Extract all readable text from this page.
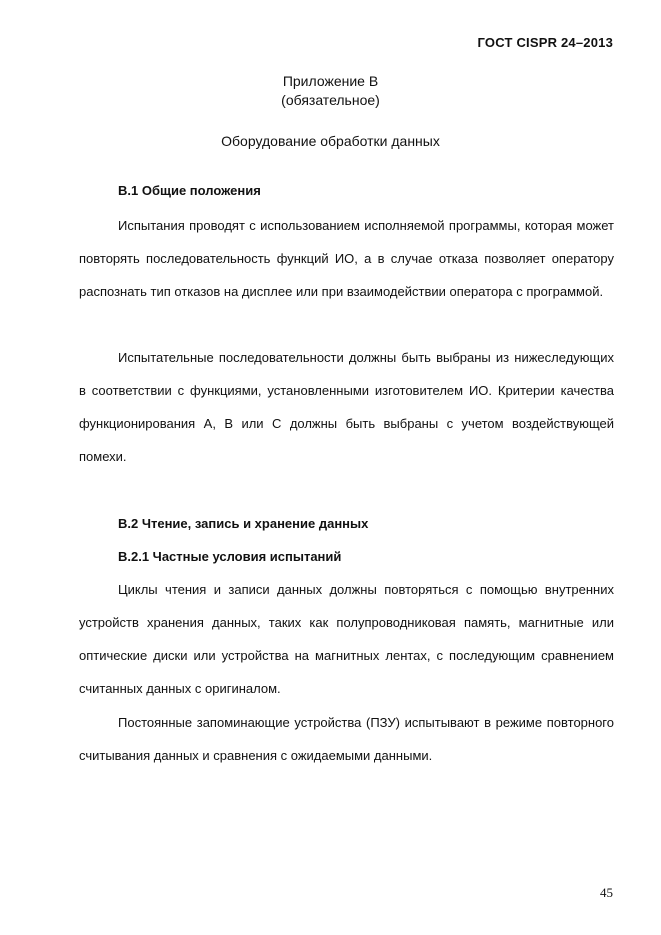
ГОСТ CISPR 24–2013
Приложение В
(обязательное)
Оборудование обработки данных
В.1 Общие положения

Испытания проводят с использованием исполняемой программы, которая может повторять последовательность функций ИО, а в случае отказа позволяет оператору распознать тип отказов на дисплее или при взаимодействии оператора с программой.

Испытательные последовательности должны быть выбраны из нижеследующих в соответствии с функциями, установленными изготовителем ИО. Критерии качества функционирования А, В или С должны быть выбраны с учетом воздействующей помехи.

В.2 Чтение, запись и хранение данных
В.2.1 Частные условия испытаний

Циклы чтения и записи данных должны повторяться с помощью внутренних устройств хранения данных, таких как полупроводниковая память, магнитные или оптические диски или устройства на магнитных лентах, с последующим сравнением считанных данных с оригиналом.

Постоянные запоминающие устройства (ПЗУ) испытывают в режиме повторного считывания данных и сравнения с ожидаемыми данными.

45
